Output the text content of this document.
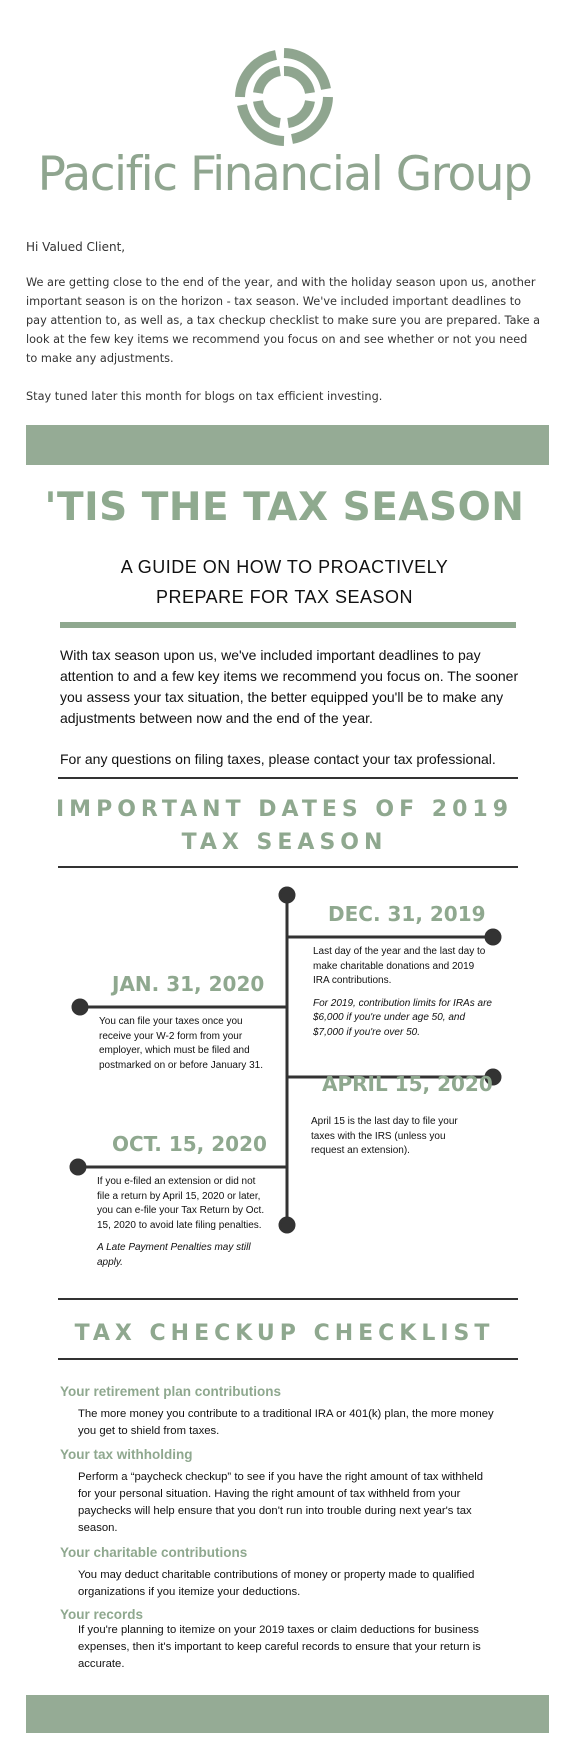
Pacific Financial Group
Hi Valued Client,

We are getting close to the end of the year, and with the holiday season upon us, another important season is on the horizon - tax season. We've included important deadlines to pay attention to, as well as, a tax checkup checklist to make sure you are prepared. Take a look at the few key items we recommend you focus on and see whether or not you need to make any adjustments.

Stay tuned later this month for blogs on tax efficient investing.

'TIS THE TAX SEASON
A GUIDE ON HOW TO PROACTIVELY
PREPARE FOR TAX SEASON

With tax season upon us, we've included important deadlines to pay attention to and a few key items we recommend you focus on. The sooner you assess your tax situation, the better equipped you'll be to make any adjustments between now and the end of the year.

For any questions on filing taxes, please contact your tax professional.

IMPORTANT DATES OF 2019
TAX SEASON
DEC. 31, 2019

Last day of the year and the last day to make charitable donations and 2019 IRA contributions.

For 2019, contribution limits for IRAs are $6,000 if you're under age 50, and $7,000 if you're over 50.

JAN. 31, 2020

You can file your taxes once you receive your W-2 form from your employer, which must be filed and postmarked on or before January 31.

APRIL 15, 2020

April 15 is the last day to file your taxes with the IRS (unless you request an extension).

OCT. 15, 2020

If you e-filed an extension or did not file a return by April 15, 2020 or later, you can e-file your Tax Return by Oct. 15, 2020 to avoid late filing penalties.

A Late Payment Penalties may still apply.

TAX CHECKUP CHECKLIST
Your retirement plan contributions
The more money you contribute to a traditional IRA or 401(k) plan, the more money you get to shield from taxes.
Your tax withholding
Perform a “paycheck checkup” to see if you have the right amount of tax withheld for your personal situation. Having the right amount of tax withheld from your paychecks will help ensure that you don't run into trouble during next year's tax season.
Your charitable contributions
You may deduct charitable contributions of money or property made to qualified organizations if you itemize your deductions.
Your records
If you're planning to itemize on your 2019 taxes or claim deductions for business expenses, then it's important to keep careful records to ensure that your return is accurate.
